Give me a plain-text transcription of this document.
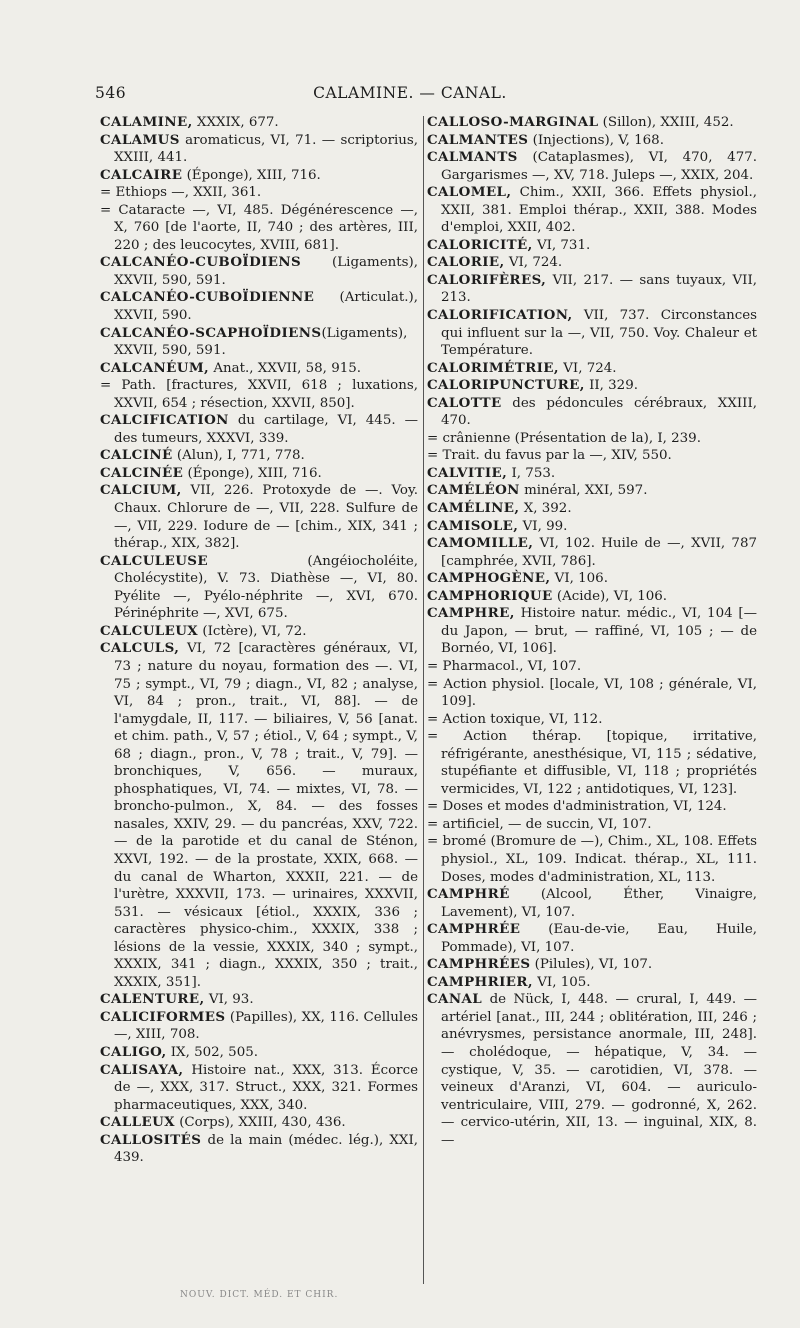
546	CALAMINE. — CANAL.
CALAMINE, XXXIX, 677.
CALAMUS aromaticus, VI, 71. — scriptorius, XXIII, 441.
CALCAIRE (Éponge), XIII, 716.
= Ethiops —, XXII, 361.
= Cataracte —, VI, 485. Dégénérescence —, X, 760 [de l'aorte, II, 740 ; des artères, III, 220 ; des leucocytes, XVIII, 681].
CALCANÉO-CUBOÏDIENS (Ligaments), XXVII, 590, 591.
CALCANÉO-CUBOÏDIENNE (Articulat.), XXVII, 590.
CALCANÉO-SCAPHOÏDIENS(Ligaments), XXVII, 590, 591.
CALCANÉUM, Anat., XXVII, 58, 915.
= Path. [fractures, XXVII, 618 ; luxations, XXVII, 654 ; résection, XXVII, 850].
CALCIFICATION du cartilage, VI, 445. — des tumeurs, XXXVI, 339.
CALCINÉ (Alun), I, 771, 778.
CALCINÉE (Éponge), XIII, 716.
CALCIUM, VII, 226. Protoxyde de —. Voy. Chaux. Chlorure de —, VII, 228. Sulfure de —, VII, 229. Iodure de — [chim., XIX, 341 ; thérap., XIX, 382].
CALCULEUSE (Angéiocholéite, Cholécystite), V. 73. Diathèse —, VI, 80. Pyélite —, Pyélo-néphrite —, XVI, 670. Périnéphrite —, XVI, 675.
CALCULEUX (Ictère), VI, 72.
CALCULS, VI, 72 [caractères généraux, VI, 73 ; nature du noyau, formation des —. VI, 75 ; sympt., VI, 79 ; diagn., VI, 82 ; analyse, VI, 84 ; pron., trait., VI, 88]. — de l'amygdale, II, 117. — biliaires, V, 56 [anat. et chim. path., V, 57 ; étiol., V, 64 ; sympt., V, 68 ; diagn., pron., V, 78 ; trait., V, 79]. — bronchiques, V, 656. — muraux, phosphatiques, VI, 74. — mixtes, VI, 78. — broncho-pulmon., X, 84. — des fosses nasales, XXIV, 29. — du pancréas, XXV, 722. — de la parotide et du canal de Sténon, XXVI, 192. — de la prostate, XXIX, 668. — du canal de Wharton, XXXII, 221. — de l'urètre, XXXVII, 173. — urinaires, XXXVII, 531. — vésicaux [étiol., XXXIX, 336 ; caractères physico-chim., XXXIX, 338 ; lésions de la vessie, XXXIX, 340 ; sympt., XXXIX, 341 ; diagn., XXXIX, 350 ; trait., XXXIX, 351].
CALENTURE, VI, 93.
CALICIFORMES (Papilles), XX, 116. Cellules —, XIII, 708.
CALIGO, IX, 502, 505.
CALISAYA, Histoire nat., XXX, 313. Écorce de —, XXX, 317. Struct., XXX, 321. Formes pharmaceutiques, XXX, 340.
CALLEUX (Corps), XXIII, 430, 436.
CALLOSITÉS de la main (médec. lég.), XXI, 439.
CALLOSO-MARGINAL (Sillon), XXIII, 452.
CALMANTES (Injections), V, 168.
CALMANTS (Cataplasmes), VI, 470, 477. Gargarismes —, XV, 718. Juleps —, XXIX, 204.
CALOMEL, Chim., XXII, 366. Effets physiol., XXII, 381. Emploi thérap., XXII, 388. Modes d'emploi, XXII, 402.
CALORICITÉ, VI, 731.
CALORIE, VI, 724.
CALORIFÈRES, VII, 217. — sans tuyaux, VII, 213.
CALORIFICATION, VII, 737. Circonstances qui influent sur la —, VII, 750. Voy. Chaleur et Température.
CALORIMÉTRIE, VI, 724.
CALORIPUNCTURE, II, 329.
CALOTTE des pédoncules cérébraux, XXIII, 470.
= crânienne (Présentation de la), I, 239.
= Trait. du favus par la —, XIV, 550.
CALVITIE, I, 753.
CAMÉLÉON minéral, XXI, 597.
CAMÉLINE, X, 392.
CAMISOLE, VI, 99.
CAMOMILLE, VI, 102. Huile de —, XVII, 787 [camphrée, XVII, 786].
CAMPHOGÈNE, VI, 106.
CAMPHORIQUE (Acide), VI, 106.
CAMPHRE, Histoire natur. médic., VI, 104 [— du Japon, — brut, — raffiné, VI, 105 ; — de Bornéo, VI, 106].
= Pharmacol., VI, 107.
= Action physiol. [locale, VI, 108 ; générale, VI, 109].
= Action toxique, VI, 112.
= Action thérap. [topique, irritative, réfrigérante, anesthésique, VI, 115 ; sédative, stupéfiante et diffusible, VI, 118 ; propriétés vermicides, VI, 122 ; antidotiques, VI, 123].
= Doses et modes d'administration, VI, 124.
= artificiel, — de succin, VI, 107.
= bromé (Bromure de —), Chim., XL, 108. Effets physiol., XL, 109. Indicat. thérap., XL, 111. Doses, modes d'administration, XL, 113.
CAMPHRÉ (Alcool, Éther, Vinaigre, Lavement), VI, 107.
CAMPHRÉE (Eau-de-vie, Eau, Huile, Pommade), VI, 107.
CAMPHRÉES (Pilules), VI, 107.
CAMPHRIER, VI, 105.
CANAL de Nück, I, 448. — crural, I, 449. — artériel [anat., III, 244 ; oblitération, III, 246 ; anévrysmes, persistance anormale, III, 248]. — cholédoque, — hépatique, V, 34. — cystique, V, 35. — carotidien, VI, 378. — veineux d'Aranzi, VI, 604. — auriculo-ventriculaire, VIII, 279. — godronné, X, 262. — cervico-utérin, XII, 13. — inguinal, XIX, 8. —
NOUV. DICT. MÉD. ET CHIR.
